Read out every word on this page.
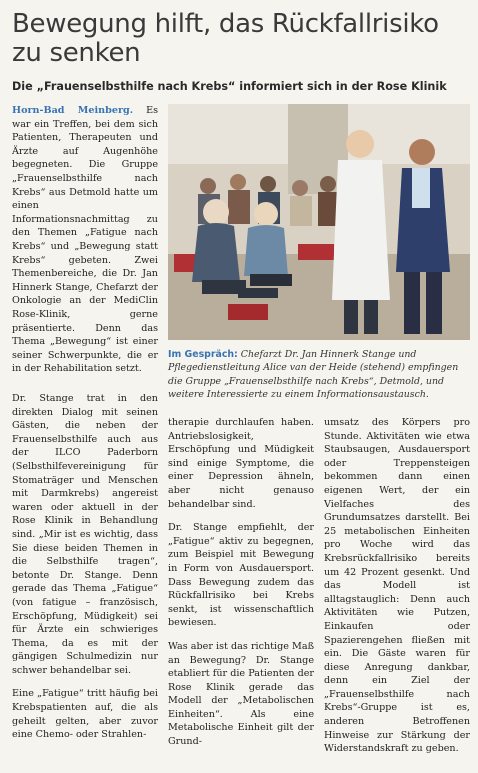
Bewegung hilft, das Rückfallrisiko zu senken
Die „Frauenselbsthilfe nach Krebs“ informiert sich in der Rose Klinik

Horn-Bad Meinberg. Es war ein Treffen, bei dem sich Patienten, Therapeuten und Ärzte auf Augenhöhe begegneten. Die Gruppe „Frauenselbsthilfe nach Krebs“ aus Detmold hatte um einen Informationsnachmittag zu den Themen „Fatigue nach Krebs“ und „Bewegung statt Krebs“ gebeten. Zwei Themenbereiche, die Dr. Jan Hinnerk Stange, Chefarzt der Onkologie an der MediClin Rose-Klinik, gerne präsentierte. Denn das Thema „Bewegung“ ist einer seiner Schwerpunkte, die er in der Rehabilitation setzt.

Dr. Stange trat in den direkten Dialog mit seinen Gästen, die neben der Frauenselbsthilfe auch aus der ILCO Paderborn (Selbsthilfevereinigung für Stomaträger und Menschen mit Darmkrebs) angereist waren oder aktuell in der Rose Klinik in Behandlung sind. „Mir ist es wichtig, dass Sie diese beiden Themen in die Selbsthilfe tragen“, betonte Dr. Stange. Denn gerade das Thema „Fatigue“ (von fatigue – französisch, Erschöpfung, Müdigkeit) sei für Ärzte ein schwieriges Thema, da es mit der gängigen Schulmedizin nur schwer behandelbar sei.

Eine „Fatigue“ tritt häufig bei Krebspatienten auf, die als geheilt gelten, aber zuvor eine Chemo- oder Strahlen-

Im Gespräch: Chefarzt Dr. Jan Hinnerk Stange und Pflegedienstleitung Alice van der Heide (stehend) empfingen die Gruppe „Frauenselbsthilfe nach Krebs“, Detmold, und weitere Interessierte zu einem Informationsaustausch.

therapie durchlaufen haben. Antriebslosigkeit, Erschöpfung und Müdigkeit sind einige Symptome, die einer Depression ähneln, aber nicht genauso behandelbar sind.

Dr. Stange empfiehlt, der „Fatigue“ aktiv zu begegnen, zum Beispiel mit Bewegung in Form von Ausdauersport. Dass Bewegung zudem das Rückfallrisiko bei Krebs senkt, ist wissenschaftlich bewiesen.

Was aber ist das richtige Maß an Bewegung? Dr. Stange etabliert für die Patienten der Rose Klinik gerade das Modell der „Metabolischen Einheiten“. Als eine Metabolische Einheit gilt der Grund-

umsatz des Körpers pro Stunde. Aktivitäten wie etwa Staubsaugen, Ausdauersport oder Treppensteigen bekommen dann einen eigenen Wert, der ein Vielfaches des Grundumsatzes darstellt. Bei 25 metabolischen Einheiten pro Woche wird das Krebsrückfallrisiko bereits um 42 Prozent gesenkt. Und das Modell ist alltagstauglich: Denn auch Aktivitäten wie Putzen, Einkaufen oder Spazierengehen fließen mit ein. Die Gäste waren für diese Anregung dankbar, denn ein Ziel der „Frauenselbsthilfe nach Krebs“-Gruppe ist es, anderen Betroffenen Hinweise zur Stärkung der Widerstandskraft zu geben.
